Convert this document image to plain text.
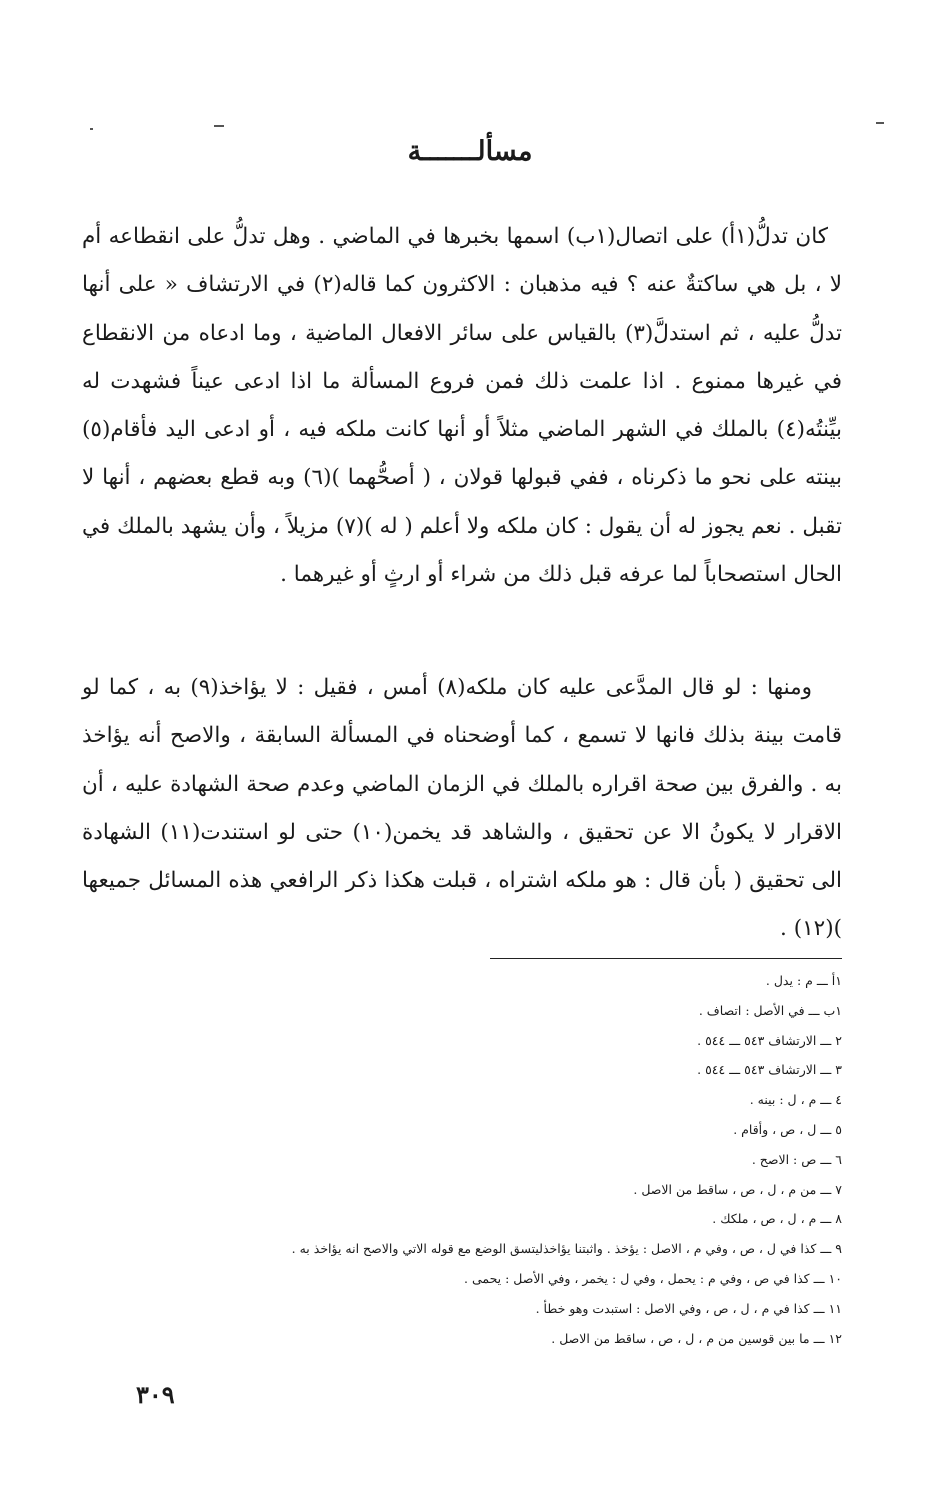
مسألـــــــة

كان تدلُّ(١أ) على اتصال(١ب) اسمها بخبرها في الماضي . وهل تدلُّ على انقطاعه أم لا ، بل هي ساكتةٌ عنه ؟ فيه مذهبان : الاكثرون كما قاله(٢) في الارتشاف « على أنها تدلُّ عليه ، ثم استدلَّ(٣) بالقياس على سائر الافعال الماضية ، وما ادعاه من الانقطاع في غيرها ممنوع . اذا علمت ذلك فمن فروع المسألة ما اذا ادعى عيناً فشهدت له بيِّنتُه(٤) بالملك في الشهر الماضي مثلاً أو أنها كانت ملكه فيه ، أو ادعى اليد فأقام(٥) بينته على نحو ما ذكرناه ، ففي قبولها قولان ، ( أصحُّهما )(٦) وبه قطع بعضهم ، أنها لا تقبل . نعم يجوز له أن يقول : كان ملكه ولا أعلم ( له )(٧) مزيلاً ، وأن يشهد بالملك في الحال استصحاباً لما عرفه قبل ذلك من شراء أو ارثٍ أو غيرهما .

ومنها : لو قال المدَّعى عليه كان ملكه(٨) أمس ، فقيل : لا يؤاخذ(٩) به ، كما لو قامت بينة بذلك فانها لا تسمع ، كما أوضحناه في المسألة السابقة ، والاصح أنه يؤاخذ به . والفرق بين صحة اقراره بالملك في الزمان الماضي وعدم صحة الشهادة عليه ، أن الاقرار لا يكونُ الا عن تحقيق ، والشاهد قد يخمن(١٠) حتى لو استندت(١١) الشهادة الى تحقيق ( بأن قال : هو ملكه اشتراه ، قبلت هكذا ذكر الرافعي هذه المسائل جميعها )(١٢) .

١أ ـــ م : يدل .
١ب ـــ في الأصل : اتصاف .
٢ ـــ الارتشاف ٥٤٣ ـــ ٥٤٤ .
٣ ـــ الارتشاف ٥٤٣ ـــ ٥٤٤ .
٤ ـــ م ، ل : بينه .
٥ ـــ ل ، ص ، وأقام .
٦ ـــ ص : الاصح .
٧ ـــ من م ، ل ، ص ، ساقط من الاصل .
٨ ـــ م ، ل ، ص ، ملكك .
٩ ـــ كذا في ل ، ص ، وفي م ، الاصل : يؤخذ . واثبتنا يؤاخذليتسق الوضع مع قوله الاتي والاصح انه يؤاخذ به .
١٠ ـــ كذا في ص ، وفي م : يحمل ، وفي ل : يخمر ، وفي الأصل : يحمى .
١١ ـــ كذا في م ، ل ، ص ، وفي الاصل : استبدت وهو خطأ .
١٢ ـــ ما بين قوسين من م ، ل ، ص ، ساقط من الاصل .
٣٠٩
